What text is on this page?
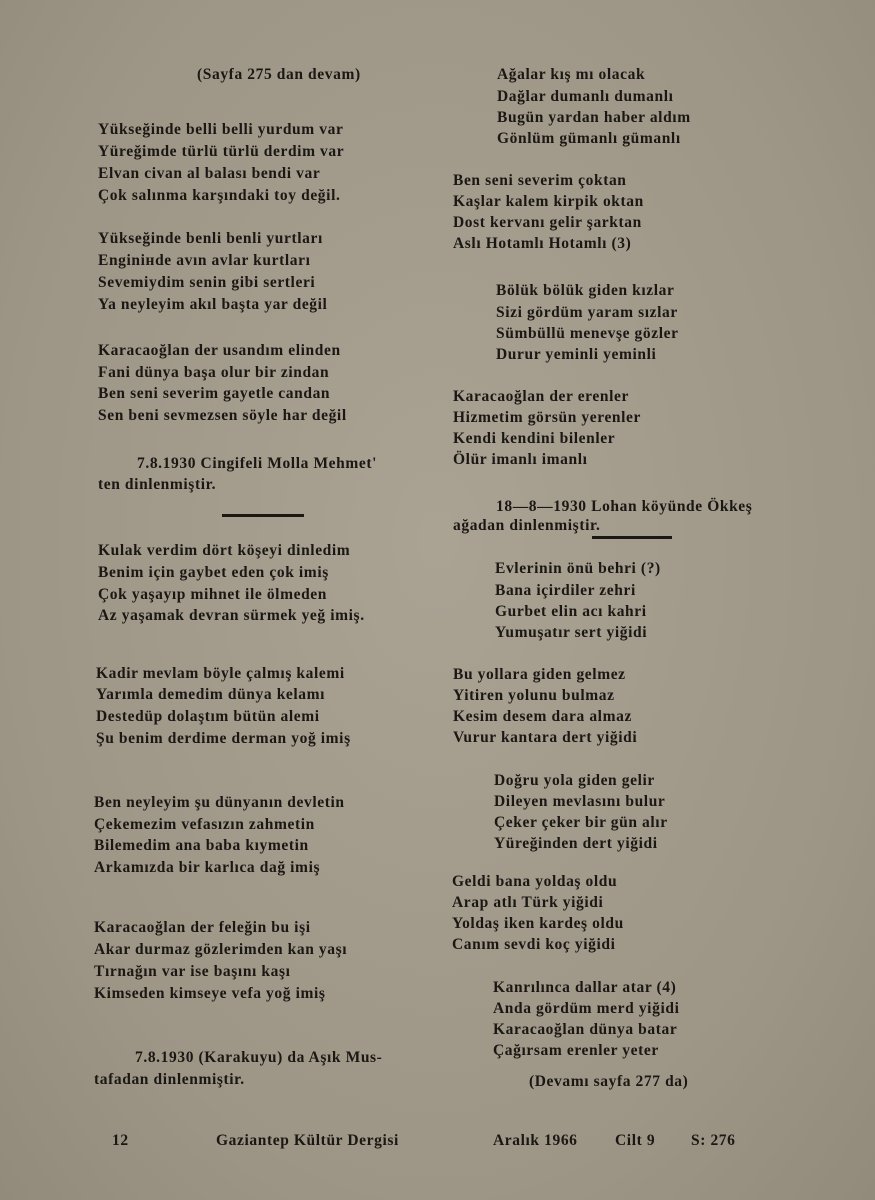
(Sayfa 275 dan devam)
Yükseğinde belli belli yurdum var
Yüreğimde türlü türlü derdim var
Elvan civan al balası bendi var
Çok salınma karşındaki toy değil.
Yükseğinde benli benli yurtları
Enginінde avın avlar kurtları
Sevemiydim senin gibi sertleri
Ya neyleyim akıl başta yar değil
Karacaoğlan der usandım elinden
Fani dünya başa olur bir zindan
Ben seni severim gayetle candan
Sen beni sevmezsen söyle har değil
7.8.1930 Cingifeli Molla Mehmet'
ten dinlenmiştir.
Kulak verdim dört köşeyi dinledim
Benim için gaybet eden çok imiş
Çok yaşayıp mihnet ile ölmeden
Az yaşamak devran sürmek yeğ imiş.
Kadir mevlam böyle çalmış kalemi
Yarımla demedim dünya kelamı
Destedüp dolaştım bütün alemi
Şu benim derdime derman yoğ imiş
Ben neyleyim şu dünyanın devletin
Çekemezim vefasızın zahmetin
Bilemedim ana baba kıymetin
Arkamızda bir karlıca dağ imiş
Karacaoğlan der feleğin bu işi
Akar durmaz gözlerimden kan yaşı
Tırnağın var ise başını kaşı
Kimseden kimseye vefa yoğ imiş
7.8.1930 (Karakuyu) da Aşık Mus-
tafadan dinlenmiştir.
Ağalar kış mı olacak
Dağlar dumanlı dumanlı
Bugün yardan haber aldım
Gönlüm gümanlı gümanlı
Ben seni severim çoktan
Kaşlar kalem kirpik oktan
Dost kervanı gelir şarktan
Aslı Hotamlı Hotamlı (3)
Bölük bölük giden kızlar
Sizi gördüm yaram sızlar
Sümbüllü menevşe gözler
Durur yeminli yeminli
Karacaoğlan der erenler
Hizmetim görsün yerenler
Kendi kendini bilenler
Ölür imanlı imanlı
18—8—1930 Lohan köyünde Ökkeş
ağadan dinlenmiştir.
Evlerinin önü behri (?)
Bana içirdiler zehri
Gurbet elin acı kahri
Yumuşatır sert yiğidi
Bu yollara giden gelmez
Yitiren yolunu bulmaz
Kesim desem dara almaz
Vurur kantara dert yiğidi
Doğru yola giden gelir
Dileyen mevlasını bulur
Çeker çeker bir gün alır
Yüreğinden dert yiğidi
Geldi bana yoldaş oldu
Arap atlı Türk yiğidi
Yoldaş iken kardeş oldu
Canım sevdi koç yiğidi
Kanrılınca dallar atar (4)
Anda gördüm merd yiğidi
Karacaoğlan dünya batar
Çağırsam erenler yeter
(Devamı sayfa 277 da)
12	Gaziantep Kültür Dergisi	Aralık 1966 Cilt 9 S: 276
